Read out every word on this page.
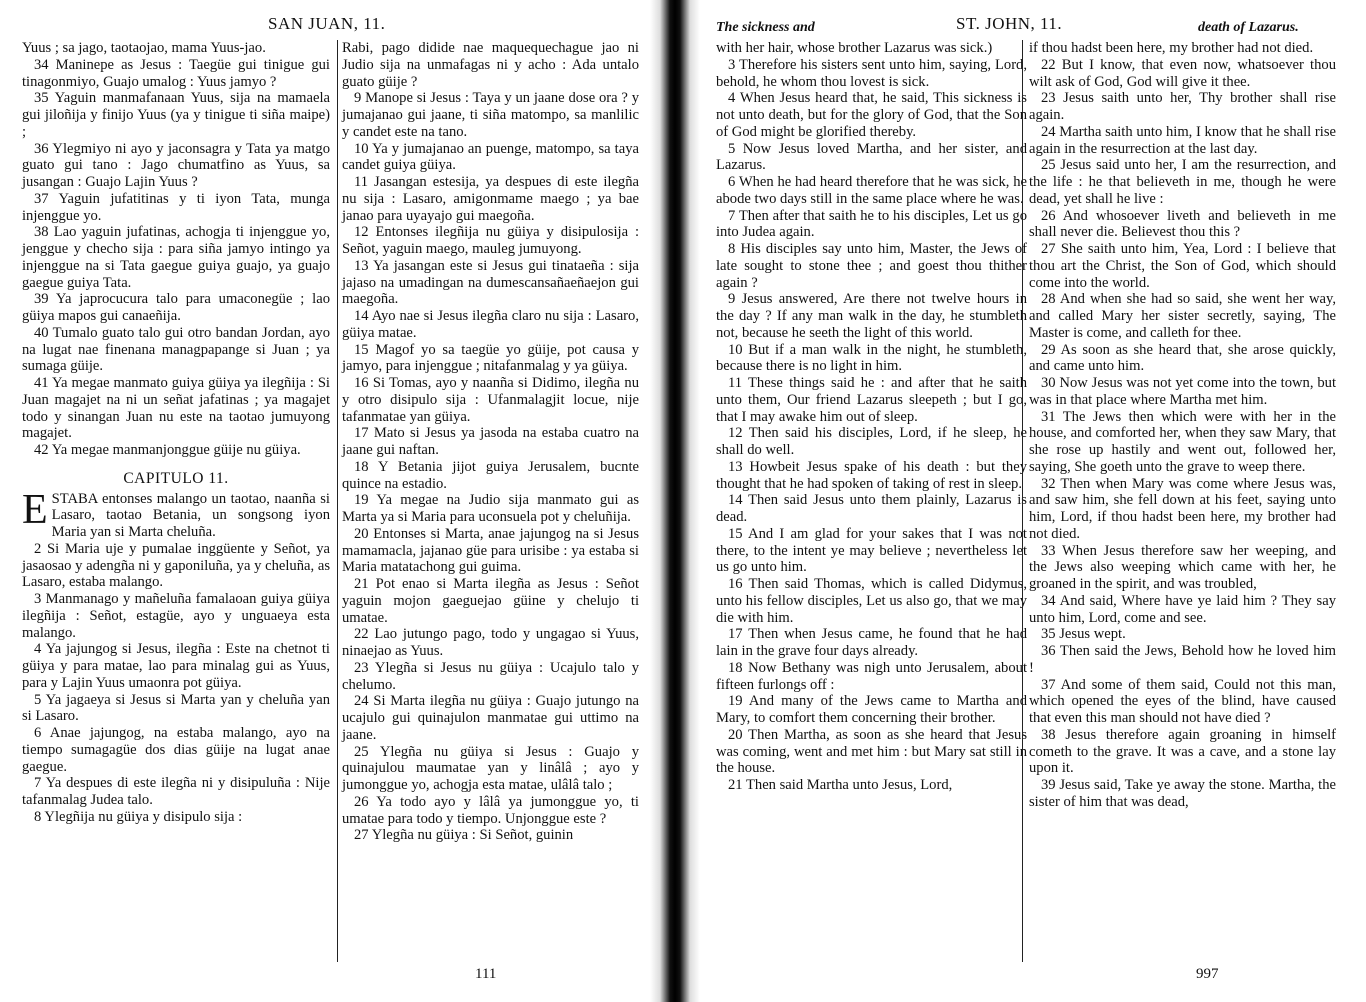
SAN JUAN, 11.

Yuus ; sa jago, taotaojao, mama Yuus-jao.

34 Maninepe as Jesus : Taegüe gui tinigue gui tinagonmiyo, Guajo umalog : Yuus jamyo ?

35 Yaguin manmafanaan Yuus, sija na mamaela gui jiloñija y finijo Yuus (ya y tinigue ti siña maipe) ;

36 Ylegmiyo ni ayo y jaconsagra y Tata ya matgo guato gui tano : Jago chumatfino as Yuus, sa jusangan : Guajo Lajin Yuus ?

37 Yaguin jufatitinas y ti iyon Tata, munga injenggue yo.

38 Lao yaguin jufatinas, achogja ti injenggue yo, jenggue y checho sija : para siña jamyo intingo ya injenggue na si Tata gaegue guiya guajo, ya guajo gaegue guiya Tata.

39 Ya japrocucura talo para umaconegüe ; lao güiya mapos gui canaeñija.

40 Tumalo guato talo gui otro bandan Jordan, ayo na lugat nae finenana managpapange si Juan ; ya sumaga güije.

41 Ya megae manmato guiya güiya ya ilegñija : Si Juan magajet na ni un señat jafatinas ; ya magajet todo y sinangan Juan nu este na taotao jumuyong magajet.

42 Ya megae manmanjonggue güije nu güiya.

CAPITULO 11.

ESTABA entonses malango un taotao, naanña si Lasaro, taotao Betania, un songsong iyon Maria yan si Marta cheluña.

2 Si Maria uje y pumalae inggüente y Señot, ya jasaosao y adengña ni y gaponiluña, ya y cheluña, as Lasaro, estaba malango.

3 Manmanago y mañeluña famalaoan guiya güiya ilegñija : Señot, estagüe, ayo y unguaeya esta malango.

4 Ya jajungog si Jesus, ilegña : Este na chetnot ti güiya y para matae, lao para minalag gui as Yuus, para y Lajin Yuus umaonra pot güiya.

5 Ya jagaeya si Jesus si Marta yan y cheluña yan si Lasaro.

6 Anae jajungog, na estaba malango, ayo na tiempo sumagagüe dos dias güije na lugat anae gaegue.

7 Ya despues di este ilegña ni y disipuluña : Nije tafanmalag Judea talo.

8 Ylegñija nu güiya y disipulo sija :

Rabi, pago didide nae maquequechague jao ni Judio sija na unmafagas ni y acho : Ada untalo guato güije ?

9 Manope si Jesus : Taya y un jaane dose ora ? y jumajanao gui jaane, ti siña matompo, sa manlilic y candet este na tano.

10 Ya y jumajanao an puenge, matompo, sa taya candet guiya güiya.

11 Jasangan estesija, ya despues di este ilegña nu sija : Lasaro, amigonmame maego ; ya bae janao para uyayajo gui maegoña.

12 Entonses ilegñija nu güiya y disipulosija : Señot, yaguin maego, mauleg jumuyong.

13 Ya jasangan este si Jesus gui tinataeña : sija jajaso na umadingan na dumescansañaeñaejon gui maegoña.

14 Ayo nae si Jesus ilegña claro nu sija : Lasaro, güiya matae.

15 Magof yo sa taegüe yo güije, pot causa y jamyo, para injenggue ; nitafanmalag y ya güiya.

16 Si Tomas, ayo y naanña si Didimo, ilegña nu y otro disipulo sija : Ufanmalagjit locue, nije tafanmatae yan güiya.

17 Mato si Jesus ya jasoda na estaba cuatro na jaane gui naftan.

18 Y Betania jijot guiya Jerusalem, bucnte quince na estadio.

19 Ya megae na Judio sija manmato gui as Marta ya si Maria para uconsuela pot y cheluñija.

20 Entonses si Marta, anae jajungog na si Jesus mamamacla, jajanao güe para urisibe : ya estaba si Maria matatachong gui guima.

21 Pot enao si Marta ilegña as Jesus : Señot yaguin mojon gaeguejao güine y chelujo ti umatae.

22 Lao jutungo pago, todo y ungagao si Yuus, ninaejao as Yuus.

23 Ylegña si Jesus nu güiya : Ucajulo talo y chelumo.

24 Si Marta ilegña nu güiya : Guajo jutungo na ucajulo gui quinajulon manmatae gui uttimo na jaane.

25 Ylegña nu güiya si Jesus : Guajo y quinajulou maumatae yan y linâlâ ; ayo y jumonggue yo, achogja esta matae, ulâlâ talo ;

26 Ya todo ayo y lâlâ ya jumonggue yo, ti umatae para todo y tiempo. Unjonggue este ?

27 Ylegña nu güiya : Si Señot, guinin

111
The sickness and	ST. JOHN, 11.	death of Lazarus.

with her hair, whose brother Lazarus was sick.)

3 Therefore his sisters sent unto him, saying, Lord, behold, he whom thou lovest is sick.

4 When Jesus heard that, he said, This sickness is not unto death, but for the glory of God, that the Son of God might be glorified thereby.

5 Now Jesus loved Martha, and her sister, and Lazarus.

6 When he had heard therefore that he was sick, he abode two days still in the same place where he was.

7 Then after that saith he to his disciples, Let us go into Judea again.

8 His disciples say unto him, Master, the Jews of late sought to stone thee ; and goest thou thither again ?

9 Jesus answered, Are there not twelve hours in the day ? If any man walk in the day, he stumbleth not, because he seeth the light of this world.

10 But if a man walk in the night, he stumbleth, because there is no light in him.

11 These things said he : and after that he saith unto them, Our friend Lazarus sleepeth ; but I go, that I may awake him out of sleep.

12 Then said his disciples, Lord, if he sleep, he shall do well.

13 Howbeit Jesus spake of his death : but they thought that he had spoken of taking of rest in sleep.

14 Then said Jesus unto them plainly, Lazarus is dead.

15 And I am glad for your sakes that I was not there, to the intent ye may believe ; nevertheless let us go unto him.

16 Then said Thomas, which is called Didymus, unto his fellow disciples, Let us also go, that we may die with him.

17 Then when Jesus came, he found that he had lain in the grave four days already.

18 Now Bethany was nigh unto Jerusalem, about fifteen furlongs off :

19 And many of the Jews came to Martha and Mary, to comfort them concerning their brother.

20 Then Martha, as soon as she heard that Jesus was coming, went and met him : but Mary sat still in the house.

21 Then said Martha unto Jesus, Lord,

if thou hadst been here, my brother had not died.

22 But I know, that even now, whatsoever thou wilt ask of God, God will give it thee.

23 Jesus saith unto her, Thy brother shall rise again.

24 Martha saith unto him, I know that he shall rise again in the resurrection at the last day.

25 Jesus said unto her, I am the resurrection, and the life : he that believeth in me, though he were dead, yet shall he live :

26 And whosoever liveth and believeth in me shall never die. Believest thou this ?

27 She saith unto him, Yea, Lord : I believe that thou art the Christ, the Son of God, which should come into the world.

28 And when she had so said, she went her way, and called Mary her sister secretly, saying, The Master is come, and calleth for thee.

29 As soon as she heard that, she arose quickly, and came unto him.

30 Now Jesus was not yet come into the town, but was in that place where Martha met him.

31 The Jews then which were with her in the house, and comforted her, when they saw Mary, that she rose up hastily and went out, followed her, saying, She goeth unto the grave to weep there.

32 Then when Mary was come where Jesus was, and saw him, she fell down at his feet, saying unto him, Lord, if thou hadst been here, my brother had not died.

33 When Jesus therefore saw her weeping, and the Jews also weeping which came with her, he groaned in the spirit, and was troubled,

34 And said, Where have ye laid him ? They say unto him, Lord, come and see.

35 Jesus wept.

36 Then said the Jews, Behold how he loved him !

37 And some of them said, Could not this man, which opened the eyes of the blind, have caused that even this man should not have died ?

38 Jesus therefore again groaning in himself cometh to the grave. It was a cave, and a stone lay upon it.

39 Jesus said, Take ye away the stone. Martha, the sister of him that was dead,

997
